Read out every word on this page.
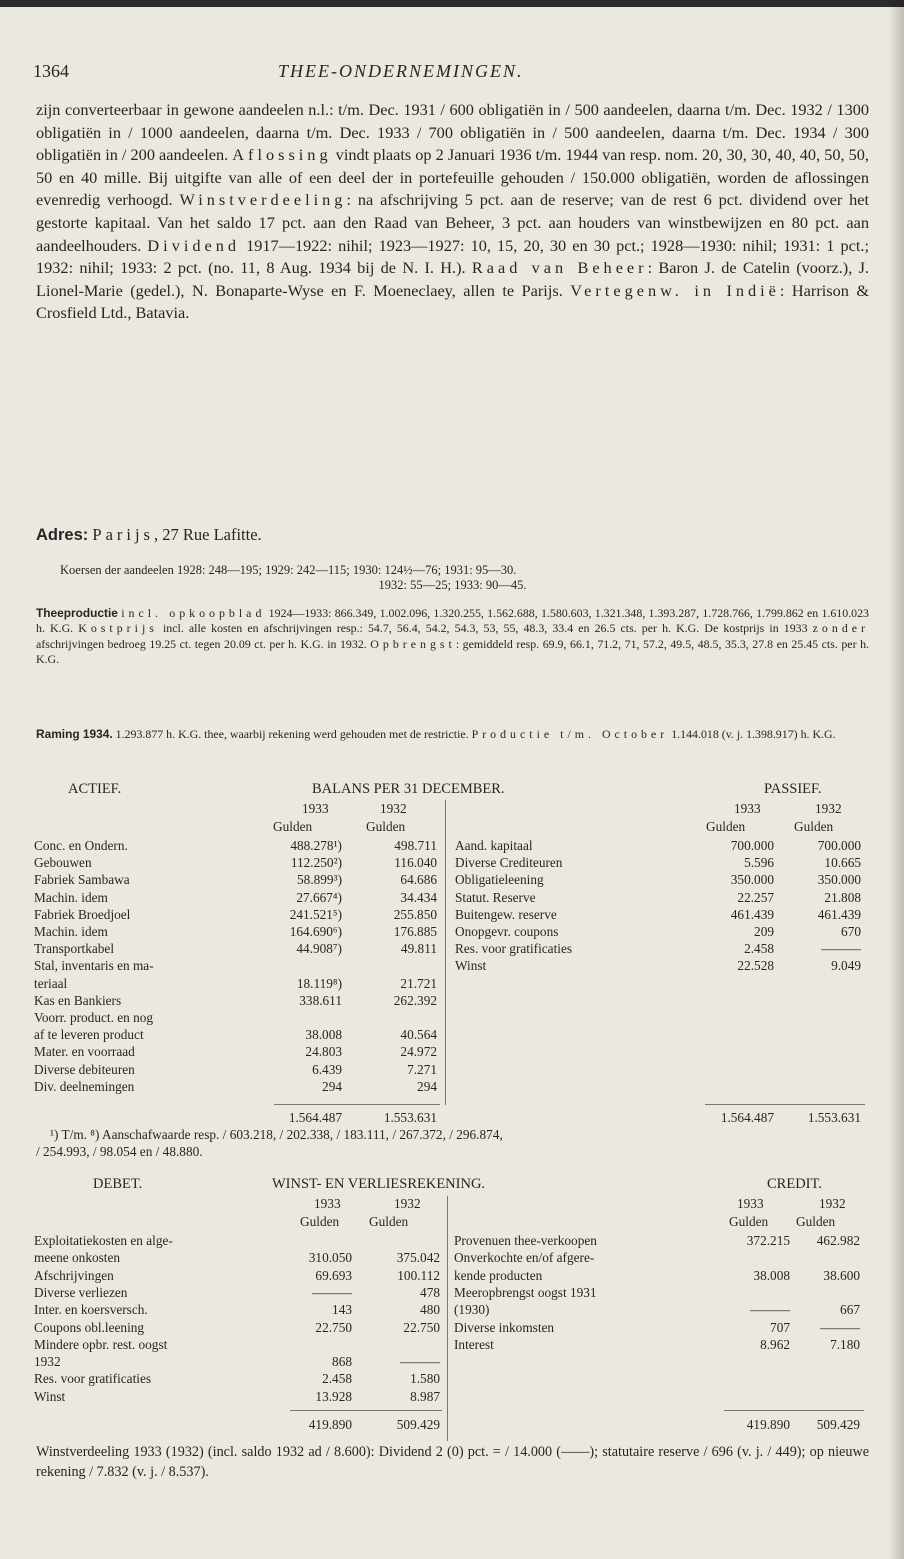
1364	THEE-ONDERNEMINGEN.

zijn converteerbaar in gewone aandeelen n.l.: t/m. Dec. 1931 / 600 obligatiën in / 500 aandeelen, daarna t/m. Dec. 1932 / 1300 obligatiën in / 1000 aandeelen, daarna t/m. Dec. 1933 / 700 obligatiën in / 500 aandeelen, daarna t/m. Dec. 1934 / 300 obligatiën in / 200 aandeelen. Aflossing vindt plaats op 2 Januari 1936 t/m. 1944 van resp. nom. 20, 30, 30, 40, 40, 50, 50, 50 en 40 mille. Bij uitgifte van alle of een deel der in portefeuille gehouden / 150.000 obligatiën, worden de aflossingen evenredig verhoogd. Winstverdeeling: na afschrijving 5 pct. aan de reserve; van de rest 6 pct. dividend over het gestorte kapitaal. Van het saldo 17 pct. aan den Raad van Beheer, 3 pct. aan houders van winstbewijzen en 80 pct. aan aandeelhouders. Dividend 1917—1922: nihil; 1923—1927: 10, 15, 20, 30 en 30 pct.; 1928—1930: nihil; 1931: 1 pct.; 1932: nihil; 1933: 2 pct. (no. 11, 8 Aug. 1934 bij de N. I. H.). Raad van Beheer: Baron J. de Catelin (voorz.), J. Lionel-Marie (gedel.), N. Bonaparte-Wyse en F. Moeneclaey, allen te Parijs. Vertegenw. in Indië: Harrison & Crosfield Ltd., Batavia.

Adres: Parijs, 27 Rue Lafitte.
Koersen der aandeelen 1928: 248—195; 1929: 242—115; 1930: 124½—76; 1931: 95—30.
1932: 55—25; 1933: 90—45.

Theeproductie incl. opkoopblad 1924—1933: 866.349, 1.002.096, 1.320.255, 1.562.688, 1.580.603, 1.321.348, 1.393.287, 1.728.766, 1.799.862 en 1.610.023 h. K.G. Kostprijs incl. alle kosten en afschrijvingen resp.: 54.7, 56.4, 54.2, 54.3, 53, 55, 48.3, 33.4 en 26.5 cts. per h. K.G. De kostprijs in 1933 zonder afschrijvingen bedroeg 19.25 ct. tegen 20.09 ct. per h. K.G. in 1932. Opbrengst: gemiddeld resp. 69.9, 66.1, 71.2, 71, 57.2, 49.5, 48.5, 35.3, 27.8 en 25.45 cts. per h. K.G.

Raming 1934. 1.293.877 h. K.G. thee, waarbij rekening werd gehouden met de restrictie. Productie t/m. October 1.144.018 (v. j. 1.398.917) h. K.G.

ACTIEF.	BALANS PER 31 DECEMBER.	PASSIEF.
1933	1932	1933	1932
Gulden	Gulden	Gulden	Gulden
Conc. en Ondern.	488.278¹)	498.711
Gebouwen	112.250²)	116.040
Fabriek Sambawa	58.899³)	64.686
Machin. idem	27.667⁴)	34.434
Fabriek Broedjoel	241.521⁵)	255.850
Machin. idem	164.690⁶)	176.885
Transportkabel	44.908⁷)	49.811
Stal, inventaris en ma-
teriaal	18.119⁸)	21.721
Kas en Bankiers	338.611	262.392
Voorr. product. en nog
af te leveren product	38.008	40.564
Mater. en voorraad	24.803	24.972
Diverse debiteuren	6.439	7.271
Div. deelnemingen	294	294
Aand. kapitaal	700.000	700.000
Diverse Crediteuren	5.596	10.665
Obligatieleening	350.000	350.000
Statut. Reserve	22.257	21.808
Buitengew. reserve	461.439	461.439
Onopgevr. coupons	209	670
Res. voor gratificaties	2.458	———
Winst	22.528	9.049
1.564.487	1.553.631	1.564.487	1.553.631
¹) T/m. ⁸) Aanschafwaarde resp. / 603.218, / 202.338, / 183.111, / 267.372, / 296.874,
/ 254.993, / 98.054 en / 48.880.
DEBET.	WINST- EN VERLIESREKENING.	CREDIT.
1933	1932	1933	1932
Gulden Gulden	Gulden Gulden
Exploitatiekosten en alge-
meene onkosten	310.050	375.042
Afschrijvingen	69.693	100.112
Diverse verliezen	———	478
Inter. en koersversch.	143	480
Coupons obl.leening	22.750	22.750
Mindere opbr. rest. oogst
1932	868	———
Res. voor gratificaties	2.458	1.580
Winst	13.928	8.987
Provenuen thee-verkoopen	372.215	462.982
Onverkochte en/of afgere-
kende producten	38.008	38.600
Meeropbrengst oogst 1931
(1930)	———	667
Diverse inkomsten	707	———
Interest	8.962	7.180
419.890	509.429	419.890	509.429

Winstverdeeling 1933 (1932) (incl. saldo 1932 ad / 8.600): Dividend 2 (0) pct. = / 14.000 (——); statutaire reserve / 696 (v. j. / 449); op nieuwe rekening / 7.832 (v. j. / 8.537).
